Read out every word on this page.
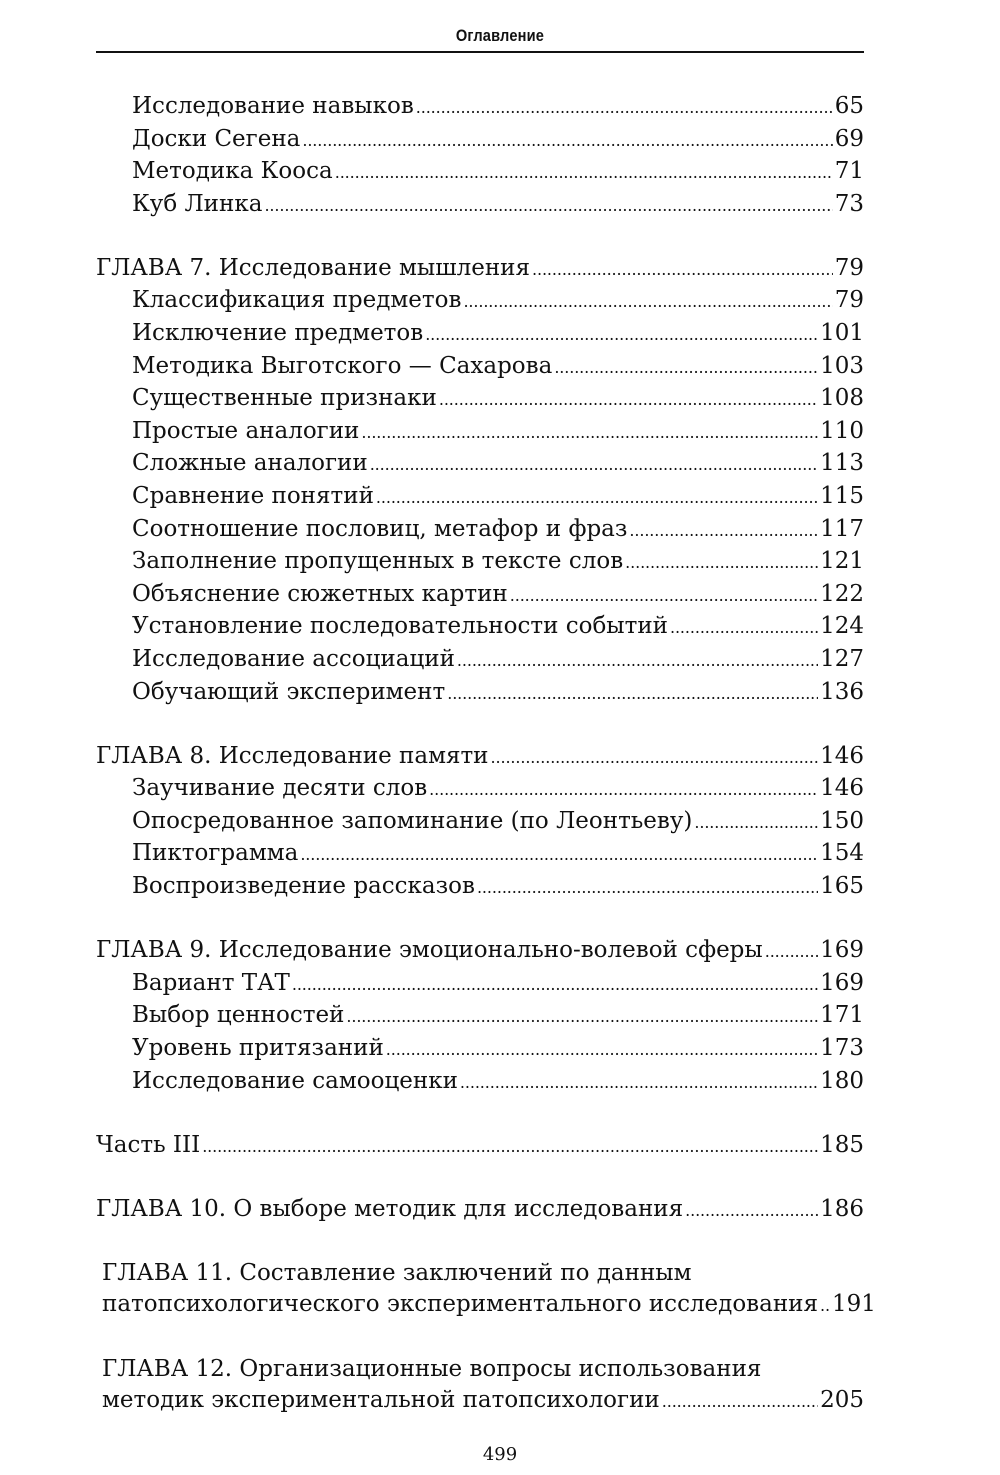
Оглавление
Исследование навыков . . .	65
Доски Сегена . . .	69
Методика Кооса . . .	71
Куб Линка . . .	73
ГЛАВА 7. Исследование мышления . . .	79
Классификация предметов . . .	79
Исключение предметов . . .	101
Методика Выготского — Сахарова . . .	103
Существенные признаки . . .	108
Простые аналогии . . .	110
Сложные аналогии . . .	113
Сравнение понятий . . .	115
Соотношение пословиц, метафор и фраз . . .	117
Заполнение пропущенных в тексте слов . . .	121
Объяснение сюжетных картин . . .	122
Установление последовательности событий . . .	124
Исследование ассоциаций . . .	127
Обучающий эксперимент . . .	136
ГЛАВА 8. Исследование памяти . . .	146
Заучивание десяти слов . . .	146
Опосредованное запоминание (по Леонтьеву) . . .	150
Пиктограмма . . .	154
Воспроизведение рассказов . . .	165
ГЛАВА 9. Исследование эмоционально-волевой сферы . . . 169
Вариант ТАТ . . .	169
Выбор ценностей . . .	171
Уровень притязаний . . .	173
Исследование самооценки . . .	180
Часть III . . .	185
ГЛАВА 10. О выборе методик для исследования . . .	186
ГЛАВА 11. Составление заключений по данным
патопсихологического экспериментального исследования . . . 191
ГЛАВА 12. Организационные вопросы использования
методик экспериментальной патопсихологии . . .	205
499
